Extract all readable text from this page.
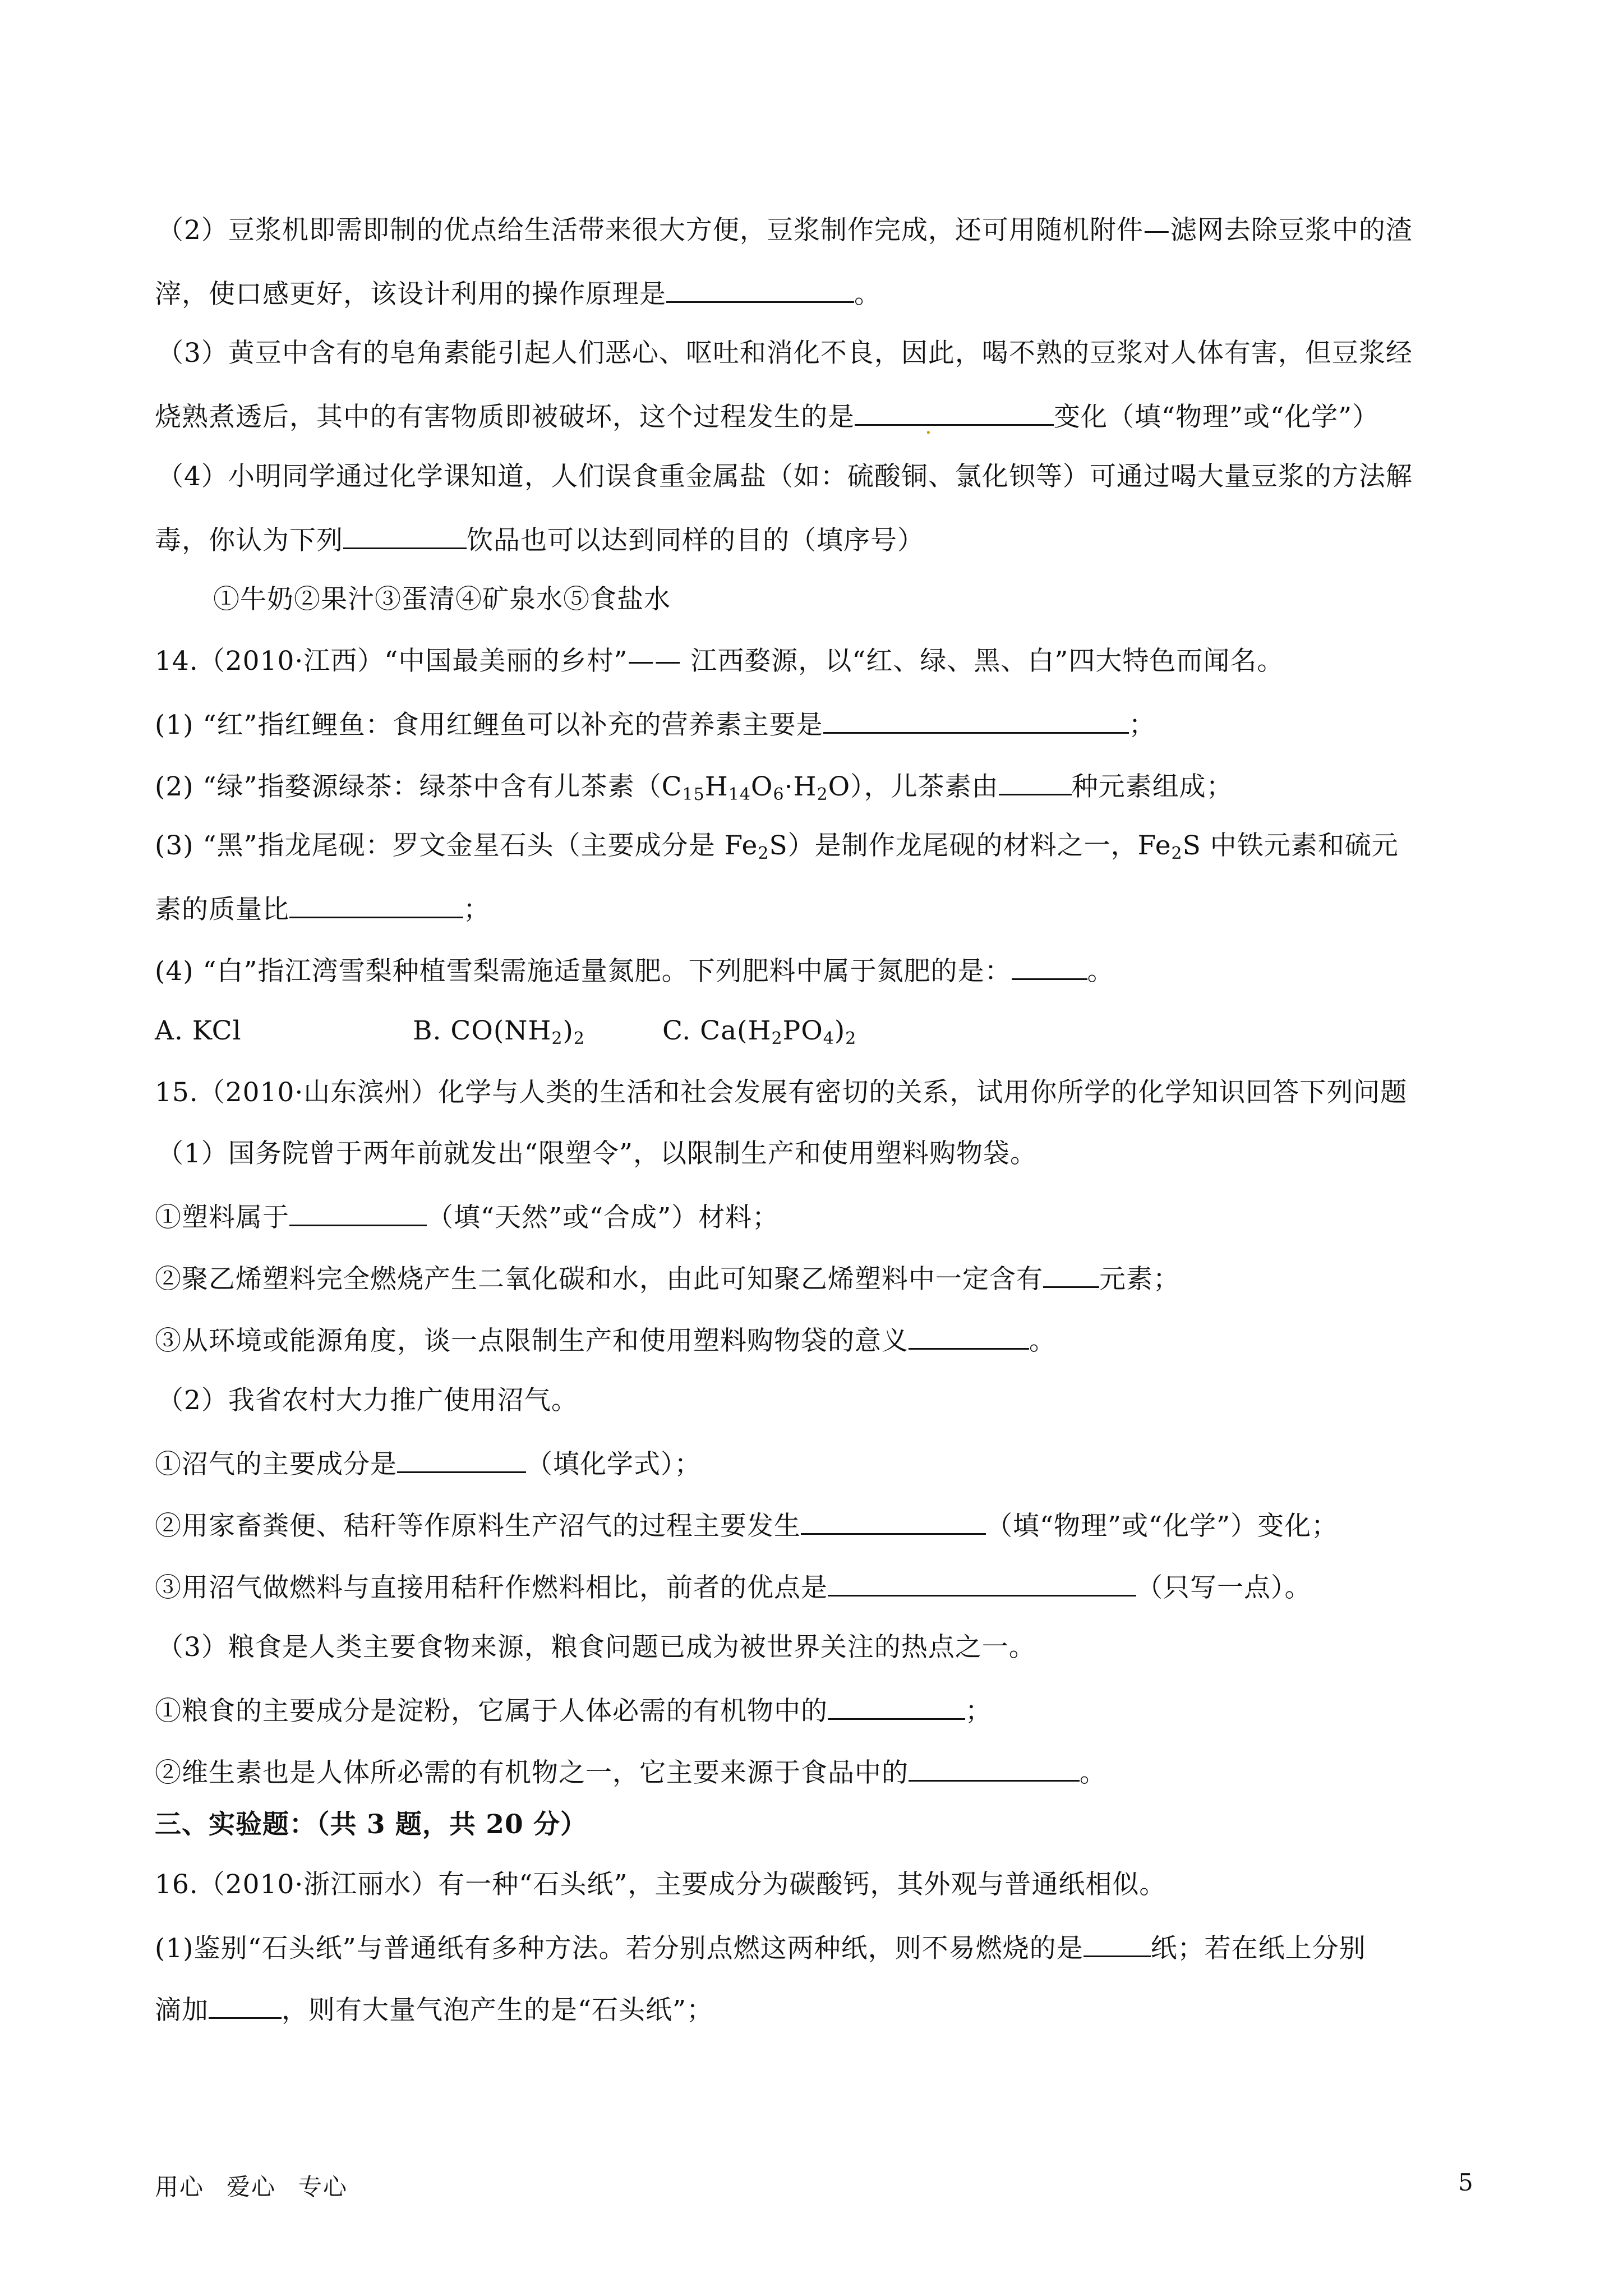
（2）豆浆机即需即制的优点给生活带来很大方便，豆浆制作完成，还可用随机附件—滤网去除豆浆中的渣
滓，使口感更好，该设计利用的操作原理是	。
（3）黄豆中含有的皂角素能引起人们恶心、呕吐和消化不良，因此，喝不熟的豆浆对人体有害，但豆浆经
烧熟煮透后，其中的有害物质即被破坏，这个过程发生的是	.	变化（填“物理”或“化学”）
（4）小明同学通过化学课知道，人们误食重金属盐（如：硫酸铜、氯化钡等）可通过喝大量豆浆的方法解
毒，你认为下列	饮品也可以达到同样的目的（填序号）
①牛奶②果汁③蛋清④矿泉水⑤食盐水
14.（2010·江西）“中国最美丽的乡村”—— 江西婺源，以“红、绿、黑、白”四大特色而闻名。
(1) “红”指红鲤鱼：食用红鲤鱼可以补充的营养素主要是	；
(2) “绿”指婺源绿茶：绿茶中含有儿茶素$(C_{15}H_{14}O_6\cdot H_2O)$，儿茶素由	种元素组成；
(3) “黑”指龙尾砚：罗文金星石头（主要成分是 $Fe_2S$）是制作龙尾砚的材料之一，$Fe_2S$ 中铁元素和硫元
素的质量比	；
(4) “白”指江湾雪梨种植雪梨需施适量氮肥。下列肥料中属于氮肥的是：	。
A. KCl	B. $CO(NH_2)_2$	C. $Ca(H_2PO_4)_2$
15.（2010·山东滨州）化学与人类的生活和社会发展有密切的关系，试用你所学的化学知识回答下列问题
（1）国务院曾于两年前就发出“限塑令”，以限制生产和使用塑料购物袋。
①塑料属于	（填“天然”或“合成”）材料；
②聚乙烯塑料完全燃烧产生二氧化碳和水，由此可知聚乙烯塑料中一定含有 元素；
③从环境或能源角度，谈一点限制生产和使用塑料购物袋的意义	。
（2）我省农村大力推广使用沼气。
①沼气的主要成分是	（填化学式）；
②用家畜粪便、秸秆等作原料生产沼气的过程主要发生	（填“物理”或“化学”）变化；
③用沼气做燃料与直接用秸秆作燃料相比，前者的优点是	（只写一点）。
（3）粮食是人类主要食物来源，粮食问题已成为被世界关注的热点之一。
①粮食的主要成分是淀粉，它属于人体必需的有机物中的	；
②维生素也是人体所必需的有机物之一，它主要来源于食品中的	。
三、实验题：（共 3 题，共 20 分）
16.（2010·浙江丽水）有一种“石头纸”，主要成分为碳酸钙，其外观与普通纸相似。
(1)鉴别“石头纸”与普通纸有多种方法。若分别点燃这两种纸，则不易燃烧的是	纸；若在纸上分别
滴加	，则有大量气泡产生的是“石头纸”；
用心 爱心 专心	5
